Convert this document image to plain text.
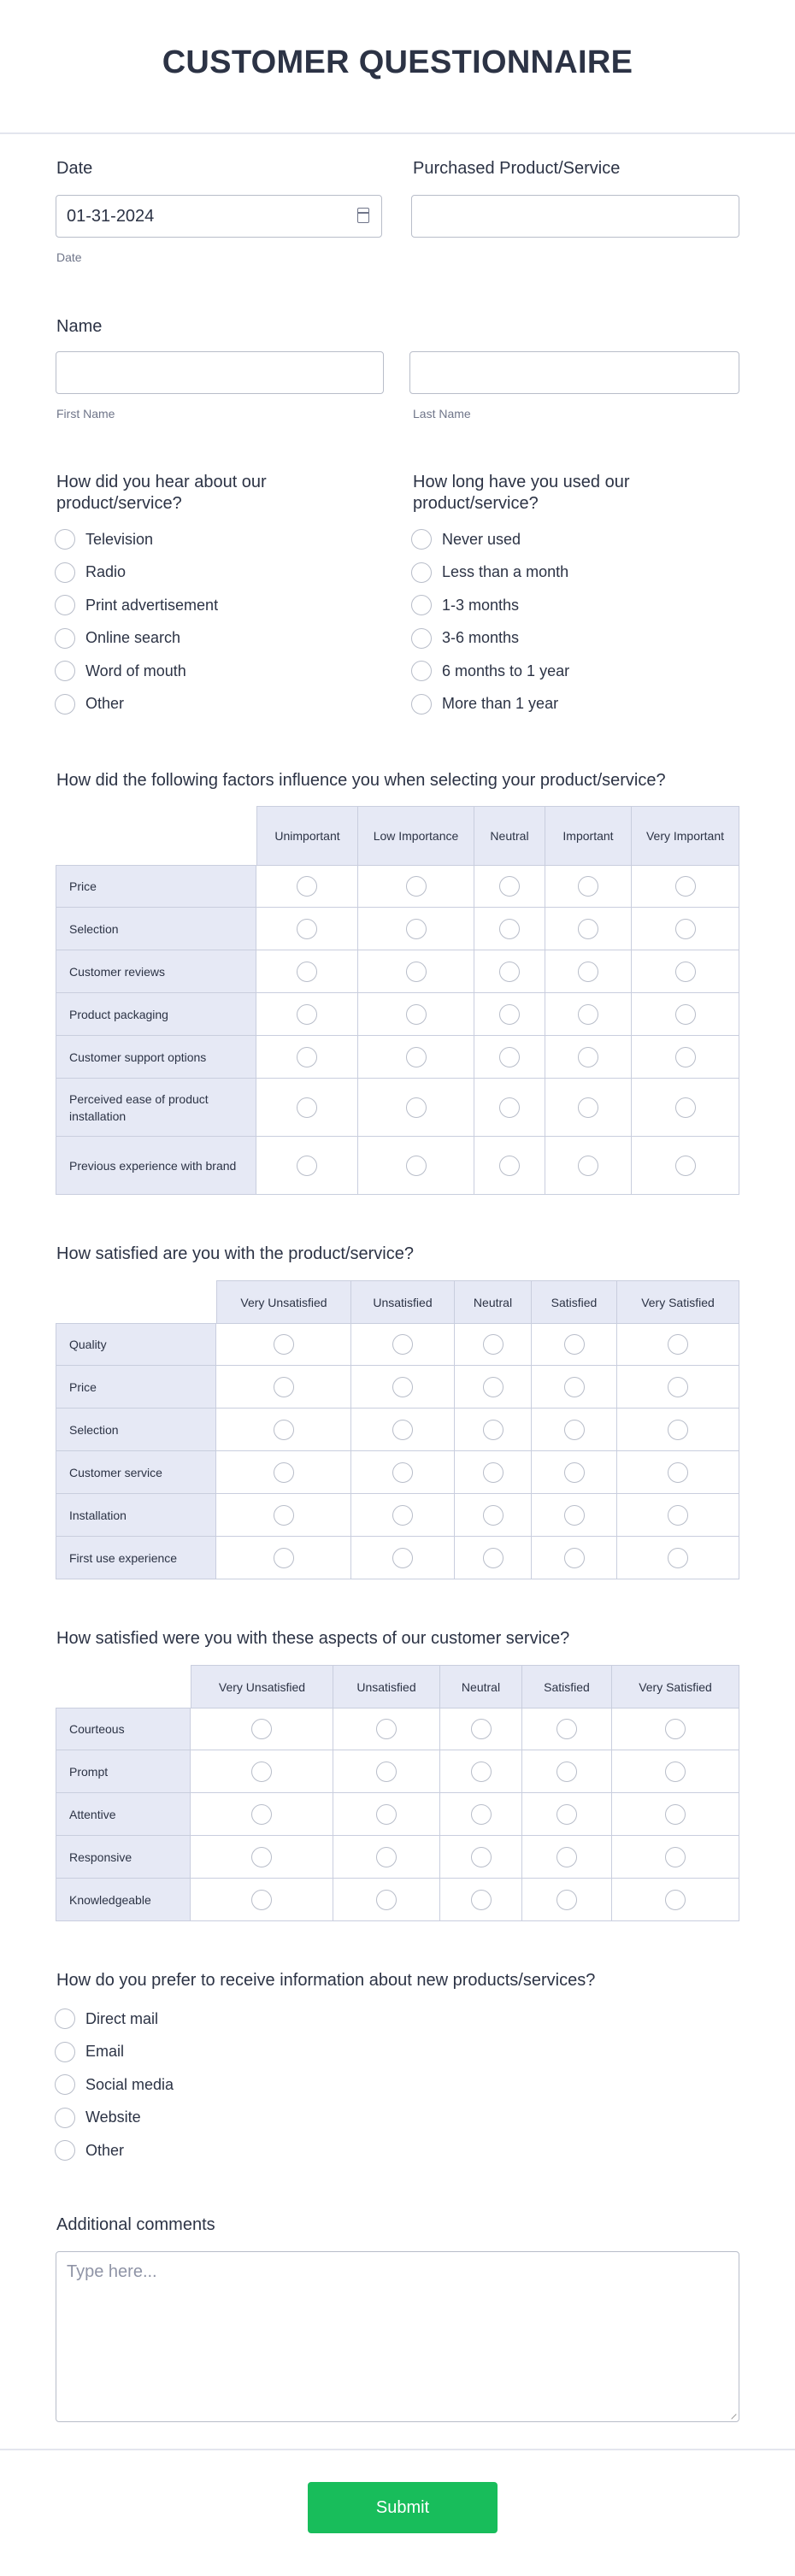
CUSTOMER QUESTIONNAIRE
Date
01-31-2024
Date
Purchased Product/Service
Name
First Name	Last Name
How did you hear about our product/service?
Television
Radio
Print advertisement
Online search
Word of mouth
Other
How long have you used our product/service?
Never used
Less than a month
1-3 months
3-6 months
6 months to 1 year
More than 1 year
How did the following factors influence you when selecting your product/service?
	Unimportant	Low Importance	Neutral	Important	Very Important
Price					
Selection					
Customer reviews					
Product packaging					
Customer support options					
Perceived ease of product installation					
Previous experience with brand					
How satisfied are you with the product/service?
	Very Unsatisfied	Unsatisfied	Neutral	Satisfied	Very Satisfied
Quality					
Price					
Selection					
Customer service					
Installation					
First use experience					
How satisfied were you with these aspects of our customer service?
	Very Unsatisfied	Unsatisfied	Neutral	Satisfied	Very Satisfied
Courteous					
Prompt					
Attentive					
Responsive					
Knowledgeable					
How do you prefer to receive information about new products/services?
Direct mail
Email
Social media
Website
Other
Additional comments
Type here...
Submit
